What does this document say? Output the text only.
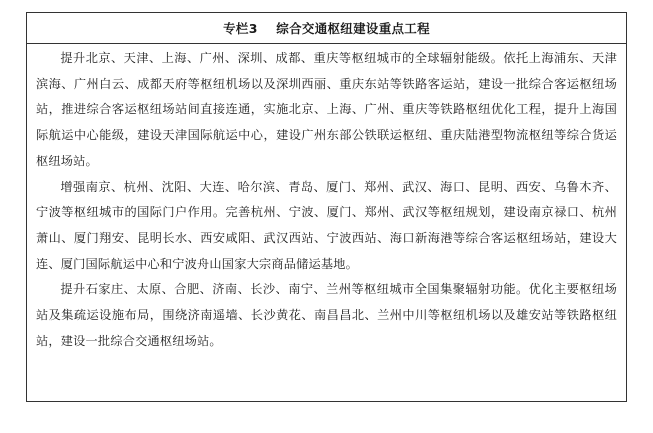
专栏3    综合交通枢纽建设重点工程

提升北京、天津、上海、广州、深圳、成都、重庆等枢纽城市的全球辐射能级。依托上海浦东、天津滨海、广州白云、成都天府等枢纽机场以及深圳西丽、重庆东站等铁路客运站，建设一批综合客运枢纽场站，推进综合客运枢纽场站间直接连通，实施北京、上海、广州、重庆等铁路枢纽优化工程，提升上海国际航运中心能级，建设天津国际航运中心，建设广州东部公铁联运枢纽、重庆陆港型物流枢纽等综合货运枢纽场站。

增强南京、杭州、沈阳、大连、哈尔滨、青岛、厦门、郑州、武汉、海口、昆明、西安、乌鲁木齐、宁波等枢纽城市的国际门户作用。完善杭州、宁波、厦门、郑州、武汉等枢纽规划，建设南京禄口、杭州萧山、厦门翔安、昆明长水、西安咸阳、武汉西站、宁波西站、海口新海港等综合客运枢纽场站，建设大连、厦门国际航运中心和宁波舟山国家大宗商品储运基地。

提升石家庄、太原、合肥、济南、长沙、南宁、兰州等枢纽城市全国集聚辐射功能。优化主要枢纽场站及集疏运设施布局，围绕济南遥墙、长沙黄花、南昌昌北、兰州中川等枢纽机场以及雄安站等铁路枢纽站，建设一批综合交通枢纽场站。
